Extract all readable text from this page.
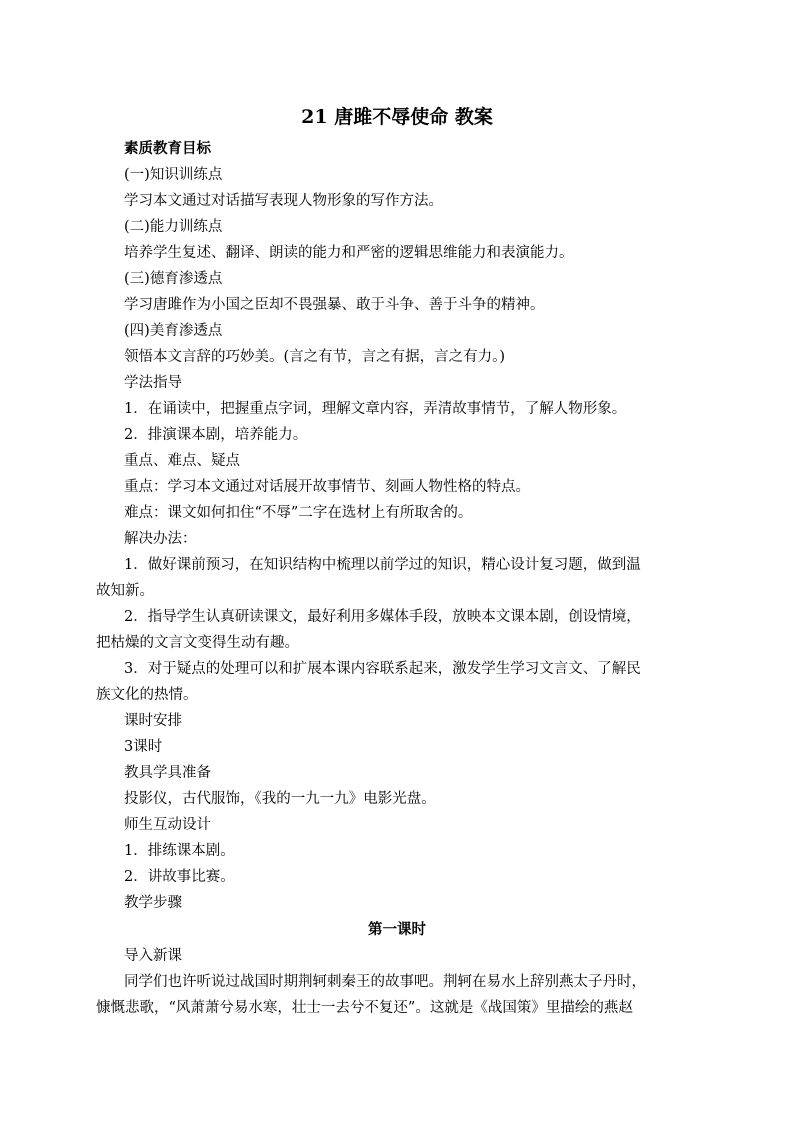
21 唐雎不辱使命 教案
素质教育目标
(一)知识训练点
学习本文通过对话描写表现人物形象的写作方法。
(二)能力训练点
培养学生复述、翻译、朗读的能力和严密的逻辑思维能力和表演能力。
(三)德育渗透点
学习唐雎作为小国之臣却不畏强暴、敢于斗争、善于斗争的精神。
(四)美育渗透点
领悟本文言辞的巧妙美。(言之有节，言之有据，言之有力。)
学法指导
1．在诵读中，把握重点字词，理解文章内容，弄清故事情节，了解人物形象。
2．排演课本剧，培养能力。
重点、难点、疑点
重点：学习本文通过对话展开故事情节、刻画人物性格的特点。
难点：课文如何扣住“不辱”二字在选材上有所取舍的。
解决办法：
1．做好课前预习，在知识结构中梳理以前学过的知识，精心设计复习题，做到温
故知新。
2．指导学生认真研读课文，最好利用多媒体手段，放映本文课本剧，创设情境，
把枯燥的文言文变得生动有趣。
3．对于疑点的处理可以和扩展本课内容联系起来，激发学生学习文言文、了解民
族文化的热情。
课时安排
3课时
教具学具准备
投影仪，古代服饰，《我的一九一九》电影光盘。
师生互动设计
1．排练课本剧。
2．讲故事比赛。
教学步骤
第一课时
导入新课
同学们也许听说过战国时期荆轲刺秦王的故事吧。荆轲在易水上辞别燕太子丹时，
慷慨悲歌，“风萧萧兮易水寒，壮士一去兮不复还”。这就是《战国策》里描绘的燕赵
